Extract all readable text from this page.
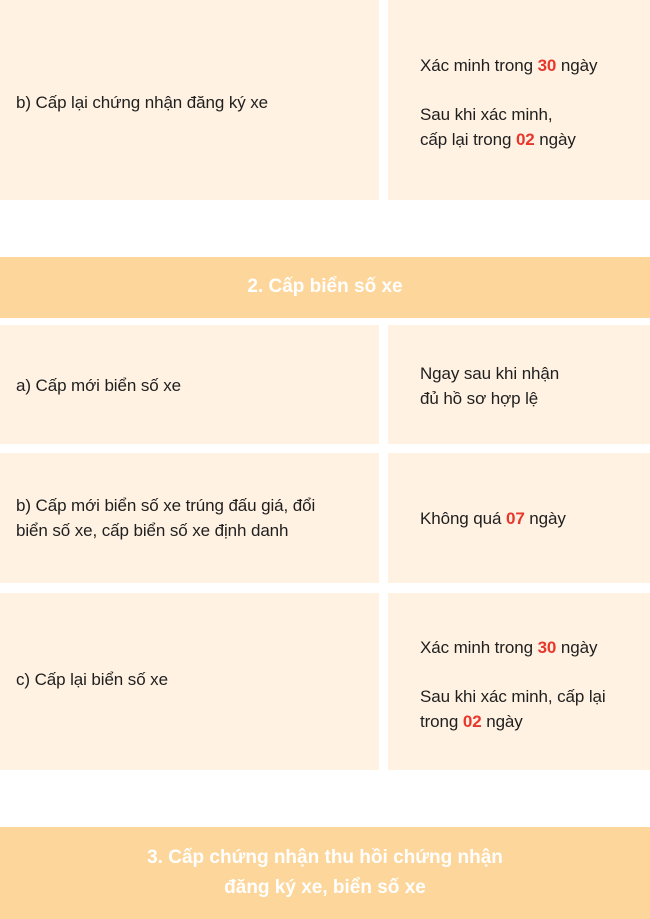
b) Cấp lại chứng nhận đăng ký xe
Xác minh trong 30 ngày
Sau khi xác minh,
cấp lại trong 02 ngày
2. Cấp biển số xe
a) Cấp mới biển số xe
Ngay sau khi nhận
đủ hồ sơ hợp lệ
b) Cấp mới biển số xe trúng đấu giá, đổi
biển số xe, cấp biển số xe định danh
Không quá 07 ngày
c) Cấp lại biển số xe
Xác minh trong 30 ngày
Sau khi xác minh, cấp lại
trong 02 ngày
3. Cấp chứng nhận thu hồi chứng nhận
đăng ký xe, biển số xe
